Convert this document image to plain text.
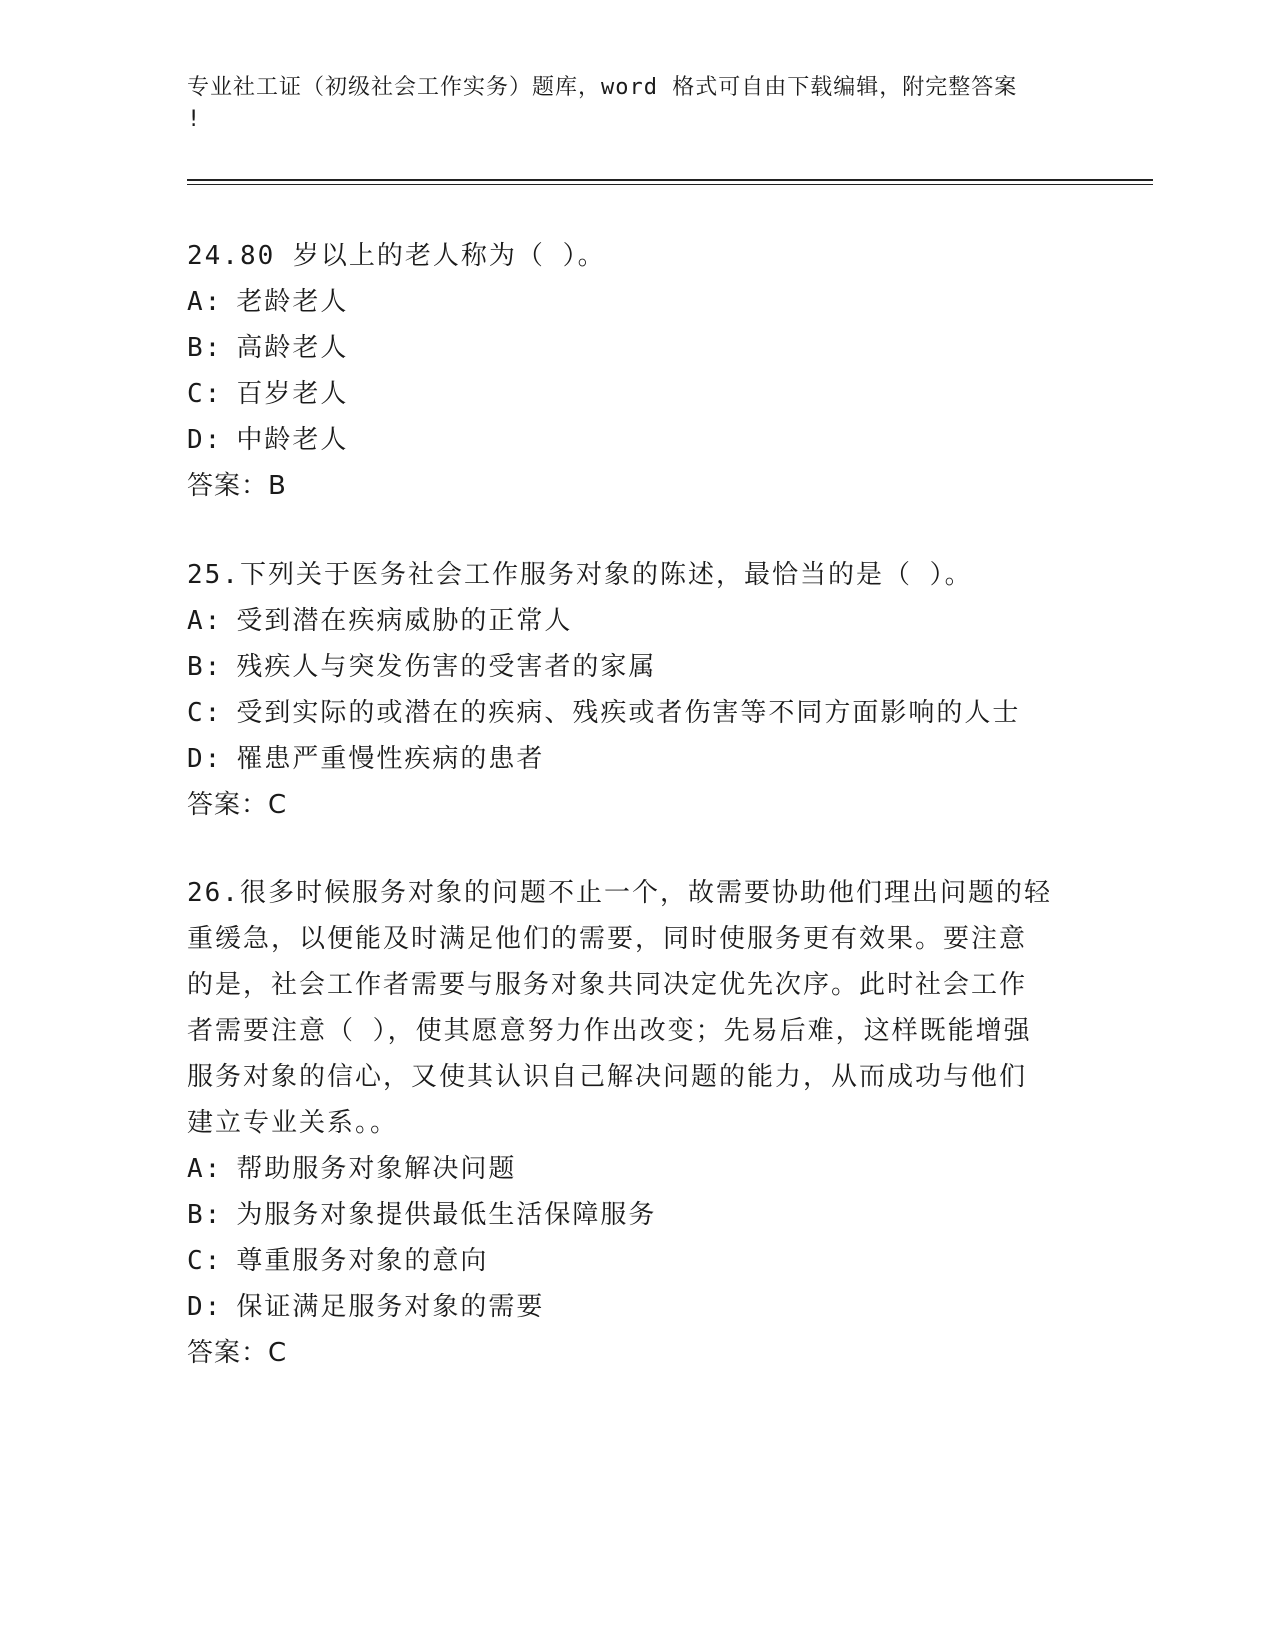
专业社工证（初级社会工作实务）题库，word 格式可自由下载编辑，附完整答案
!

24.80 岁以上的老人称为（ ）。

A: 老龄老人

B: 高龄老人

C: 百岁老人

D: 中龄老人

答案：B

25.下列关于医务社会工作服务对象的陈述，最恰当的是（ ）。

A: 受到潜在疾病威胁的正常人

B: 残疾人与突发伤害的受害者的家属

C: 受到实际的或潜在的疾病、残疾或者伤害等不同方面影响的人士

D: 罹患严重慢性疾病的患者

答案：C

26.很多时候服务对象的问题不止一个，故需要协助他们理出问题的轻

重缓急，以便能及时满足他们的需要，同时使服务更有效果。要注意

的是，社会工作者需要与服务对象共同决定优先次序。此时社会工作

者需要注意（ ），使其愿意努力作出改变；先易后难，这样既能增强

服务对象的信心，又使其认识自己解决问题的能力，从而成功与他们

建立专业关系。。

A: 帮助服务对象解决问题

B: 为服务对象提供最低生活保障服务

C: 尊重服务对象的意向

D: 保证满足服务对象的需要

答案：C
